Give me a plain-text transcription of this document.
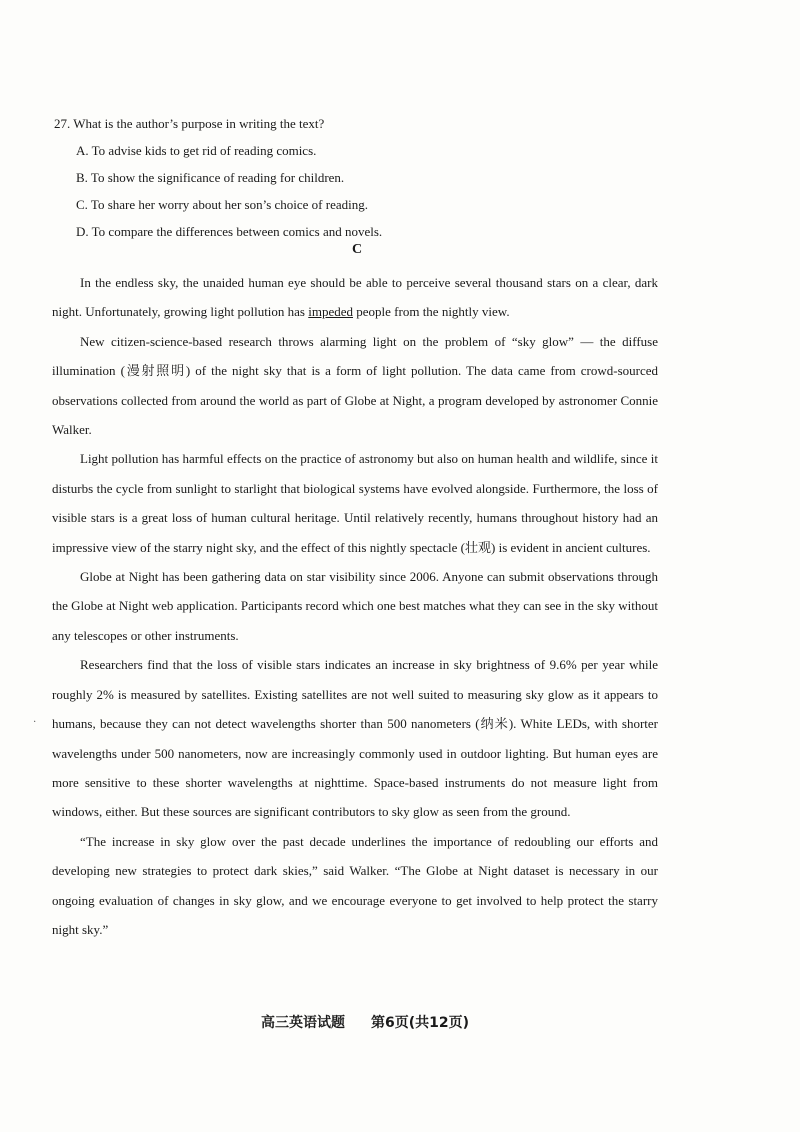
27. What is the author’s purpose in writing the text?

A. To advise kids to get rid of reading comics.

B. To show the significance of reading for children.

C. To share her worry about her son’s choice of reading.

D. To compare the differences between comics and novels.

C

In the endless sky, the unaided human eye should be able to perceive several thousand stars on a clear, dark night. Unfortunately, growing light pollution has impeded people from the nightly view.

New citizen-science-based research throws alarming light on the problem of “sky glow” — the diffuse illumination (漫射照明) of the night sky that is a form of light pollution. The data came from crowd-sourced observations collected from around the world as part of Globe at Night, a program developed by astronomer Connie Walker.

Light pollution has harmful effects on the practice of astronomy but also on human health and wildlife, since it disturbs the cycle from sunlight to starlight that biological systems have evolved alongside. Furthermore, the loss of visible stars is a great loss of human cultural heritage. Until relatively recently, humans throughout history had an impressive view of the starry night sky, and the effect of this nightly spectacle (壮观) is evident in ancient cultures.

Globe at Night has been gathering data on star visibility since 2006. Anyone can submit observations through the Globe at Night web application. Participants record which one best matches what they can see in the sky without any telescopes or other instruments.

Researchers find that the loss of visible stars indicates an increase in sky brightness of 9.6% per year while roughly 2% is measured by satellites. Existing satellites are not well suited to measuring sky glow as it appears to humans, because they can not detect wavelengths shorter than 500 nanometers (纳米). White LEDs, with shorter wavelengths under 500 nanometers, now are increasingly commonly used in outdoor lighting. But human eyes are more sensitive to these shorter wavelengths at nighttime. Space-based instruments do not measure light from windows, either. But these sources are significant contributors to sky glow as seen from the ground.

“The increase in sky glow over the past decade underlines the importance of redoubling our efforts and developing new strategies to protect dark skies,” said Walker. “The Globe at Night dataset is necessary in our ongoing evaluation of changes in sky glow, and we encourage everyone to get involved to help protect the starry night sky.”

․
高三英语试题 第6页(共12页)
